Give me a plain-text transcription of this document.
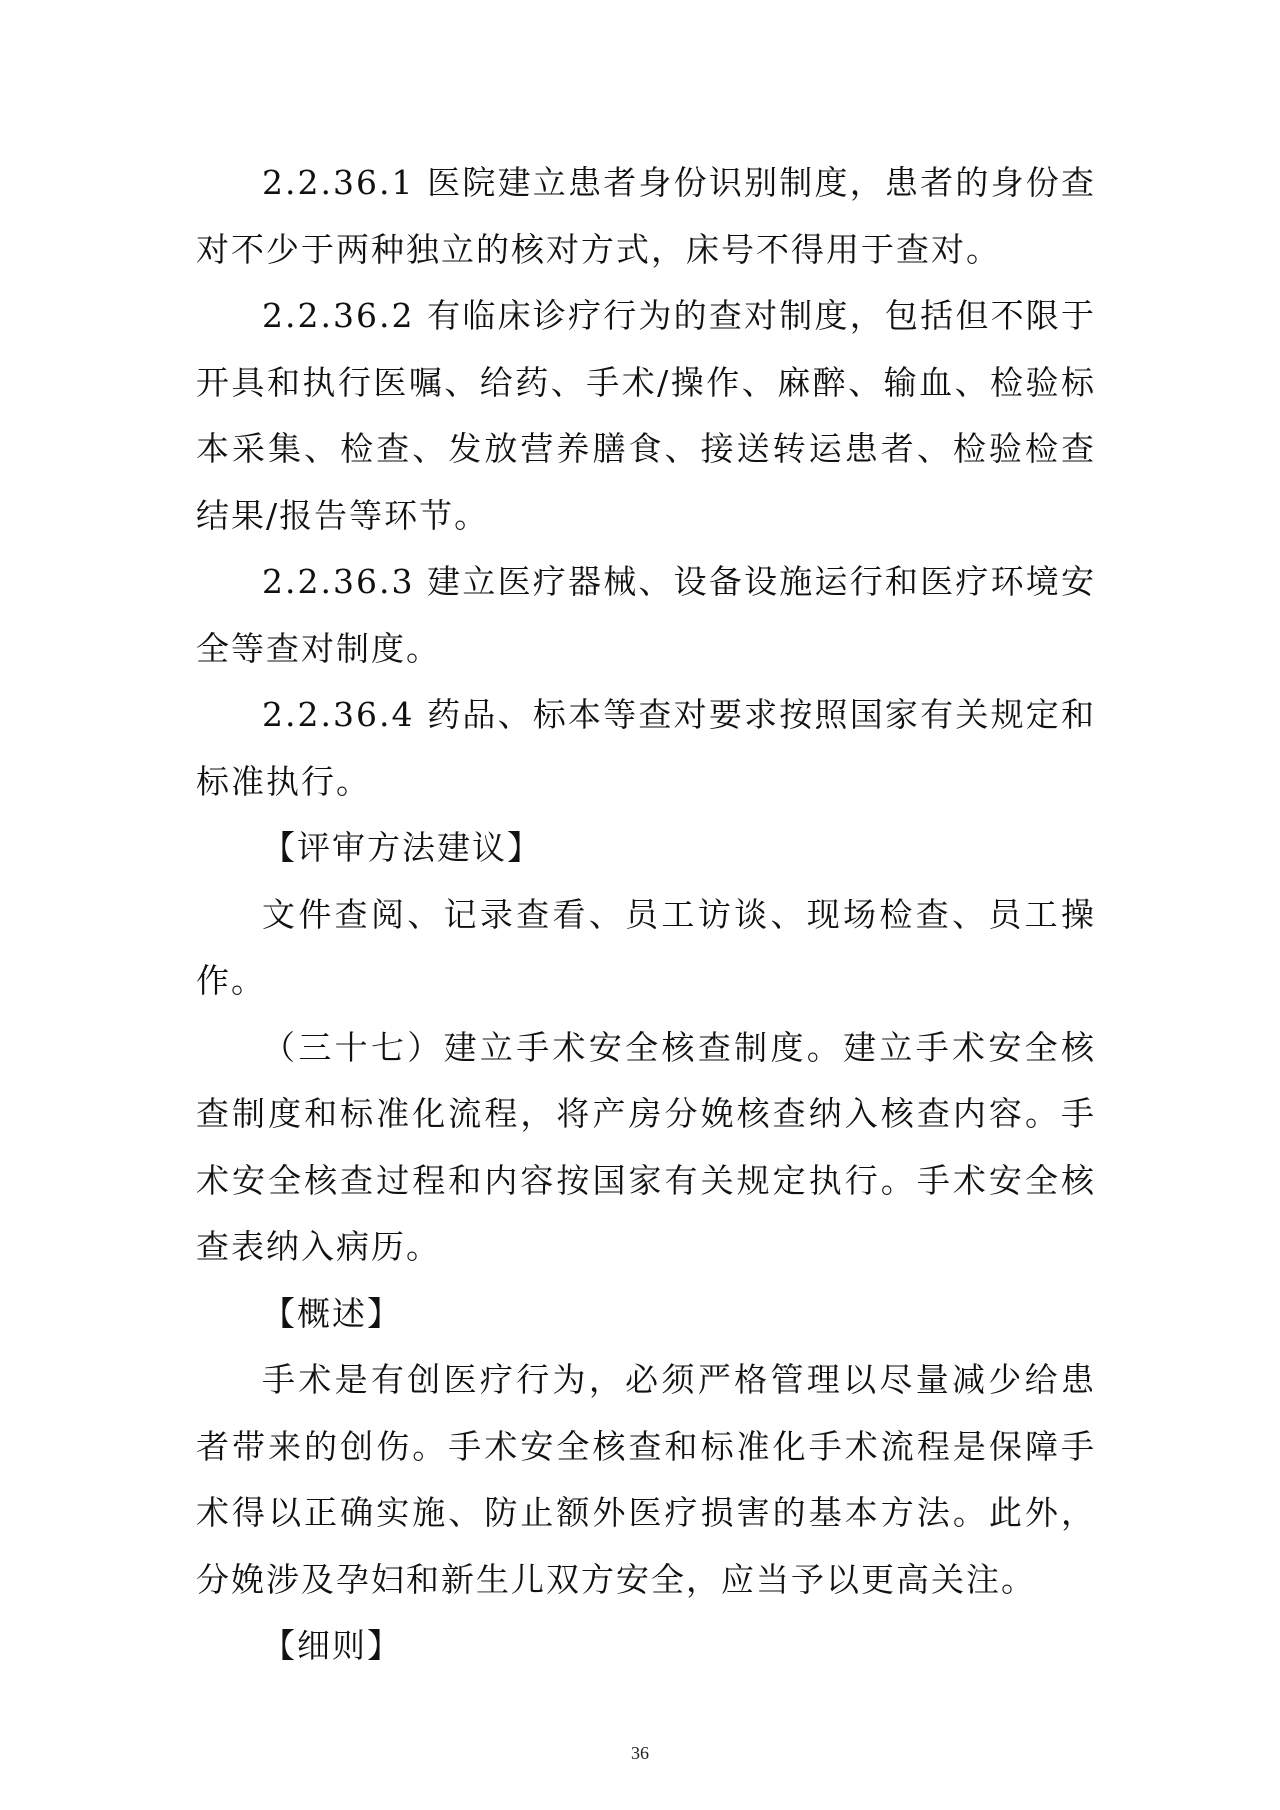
2.2.36.1 医院建立患者身份识别制度，患者的身份查对不少于两种独立的核对方式，床号不得用于查对。

2.2.36.2 有临床诊疗行为的查对制度，包括但不限于开具和执行医嘱、给药、手术/操作、麻醉、输血、检验标本采集、检查、发放营养膳食、接送转运患者、检验检查结果/报告等环节。

2.2.36.3 建立医疗器械、设备设施运行和医疗环境安全等查对制度。

2.2.36.4 药品、标本等查对要求按照国家有关规定和标准执行。

【评审方法建议】

文件查阅、记录查看、员工访谈、现场检查、员工操作。

（三十七）建立手术安全核查制度。建立手术安全核查制度和标准化流程，将产房分娩核查纳入核查内容。手术安全核查过程和内容按国家有关规定执行。手术安全核查表纳入病历。

【概述】

手术是有创医疗行为，必须严格管理以尽量减少给患者带来的创伤。手术安全核查和标准化手术流程是保障手术得以正确实施、防止额外医疗损害的基本方法。此外，分娩涉及孕妇和新生儿双方安全，应当予以更高关注。

【细则】

36
